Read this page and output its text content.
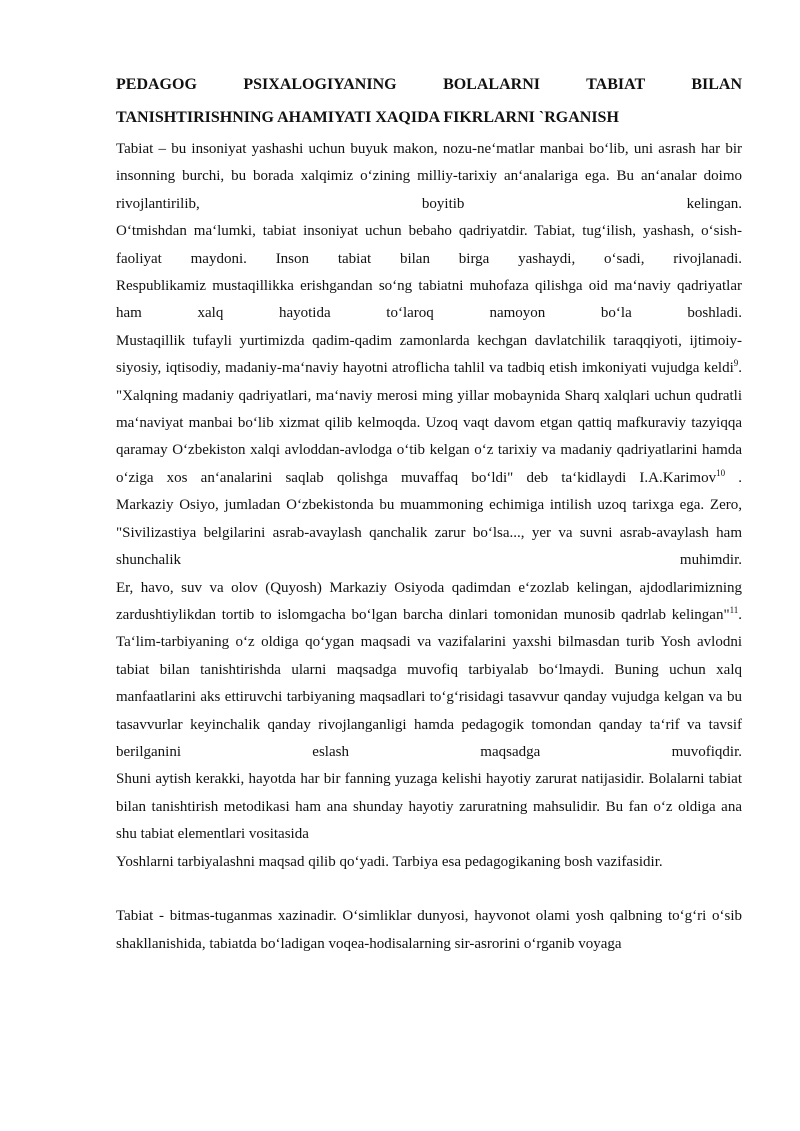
PEDAGOG PSIXALOGIYANING BOLALARNI TABIAT BILAN
TANISHTIRISHNING AHAMIYATI XAQIDA FIKRLARNI `RGANISH

Tabiat – bu insoniyat yashashi uchun buyuk makon, nozu-ne‘matlar manbai bo‘lib, uni asrash har bir insonning burchi, bu borada xalqimiz o‘zining milliy-tarixiy an‘analariga ega. Bu an‘analar doimo rivojlantirilib, boyitib kelingan.

O‘tmishdan ma‘lumki, tabiat insoniyat uchun bebaho qadriyatdir. Tabiat, tug‘ilish, yashash, o‘sish-faoliyat maydoni. Inson tabiat bilan birga yashaydi, o‘sadi, rivojlanadi.

Respublikamiz mustaqillikka erishgandan so‘ng tabiatni muhofaza qilishga oid ma‘naviy qadriyatlar ham xalq hayotida to‘laroq namoyon bo‘la boshladi.

Mustaqillik tufayli yurtimizda qadim-qadim zamonlarda kechgan davlatchilik taraqqiyoti, ijtimoiy-siyosiy, iqtisodiy, madaniy-ma‘naviy hayotni atroflicha tahlil va tadbiq etish imkoniyati vujudga keldi$^9$.

"Xalqning madaniy qadriyatlari, ma‘naviy merosi ming yillar mobaynida Sharq xalqlari uchun qudratli ma‘naviyat manbai bo‘lib xizmat qilib kelmoqda. Uzoq vaqt davom etgan qattiq mafkuraviy tazyiqqa qaramay O‘zbekiston xalqi avloddan-avlodga o‘tib kelgan o‘z tarixiy va madaniy qadriyatlarini hamda o‘ziga xos an‘analarini saqlab qolishga muvaffaq bo‘ldi" deb ta‘kidlaydi I.A.Karimov$^{10}$ .

Markaziy Osiyo, jumladan O‘zbekistonda bu muammoning echimiga intilish uzoq tarixga ega. Zero, "Sivilizastiya belgilarini asrab-avaylash qanchalik zarur bo‘lsa..., yer va suvni asrab-avaylash ham shunchalik muhimdir.

Er, havo, suv va olov (Quyosh) Markaziy Osiyoda qadimdan e‘zozlab kelingan, ajdodlarimizning zardushtiylikdan tortib to islomgacha bo‘lgan barcha dinlari tomonidan munosib qadrlab kelingan"$^{11}$.

Ta‘lim-tarbiyaning o‘z oldiga qo‘ygan maqsadi va vazifalarini yaxshi bilmasdan turib Yosh avlodni tabiat bilan tanishtirishda ularni maqsadga muvofiq tarbiyalab bo‘lmaydi. Buning uchun xalq manfaatlarini aks ettiruvchi tarbiyaning maqsadlari to‘g‘risidagi tasavvur qanday vujudga kelgan va bu tasavvurlar keyinchalik qanday rivojlanganligi hamda pedagogik tomondan qanday ta‘rif va tavsif berilganini eslash maqsadga muvofiqdir.

Shuni aytish kerakki, hayotda har bir fanning yuzaga kelishi hayotiy zarurat natijasidir. Bolalarni tabiat bilan tanishtirish metodikasi ham ana shunday hayotiy zaruratning mahsulidir. Bu fan o‘z oldiga ana shu tabiat elementlari vositasida

Yoshlarni tarbiyalashni maqsad qilib qo‘yadi. Tarbiya esa pedagogikaning bosh vazifasidir.

Tabiat - bitmas-tuganmas xazinadir. O‘simliklar dunyosi, hayvonot olami yosh qalbning to‘g‘ri o‘sib shakllanishida, tabiatda bo‘ladigan voqea-hodisalarning sir-asrorini o‘rganib voyaga
